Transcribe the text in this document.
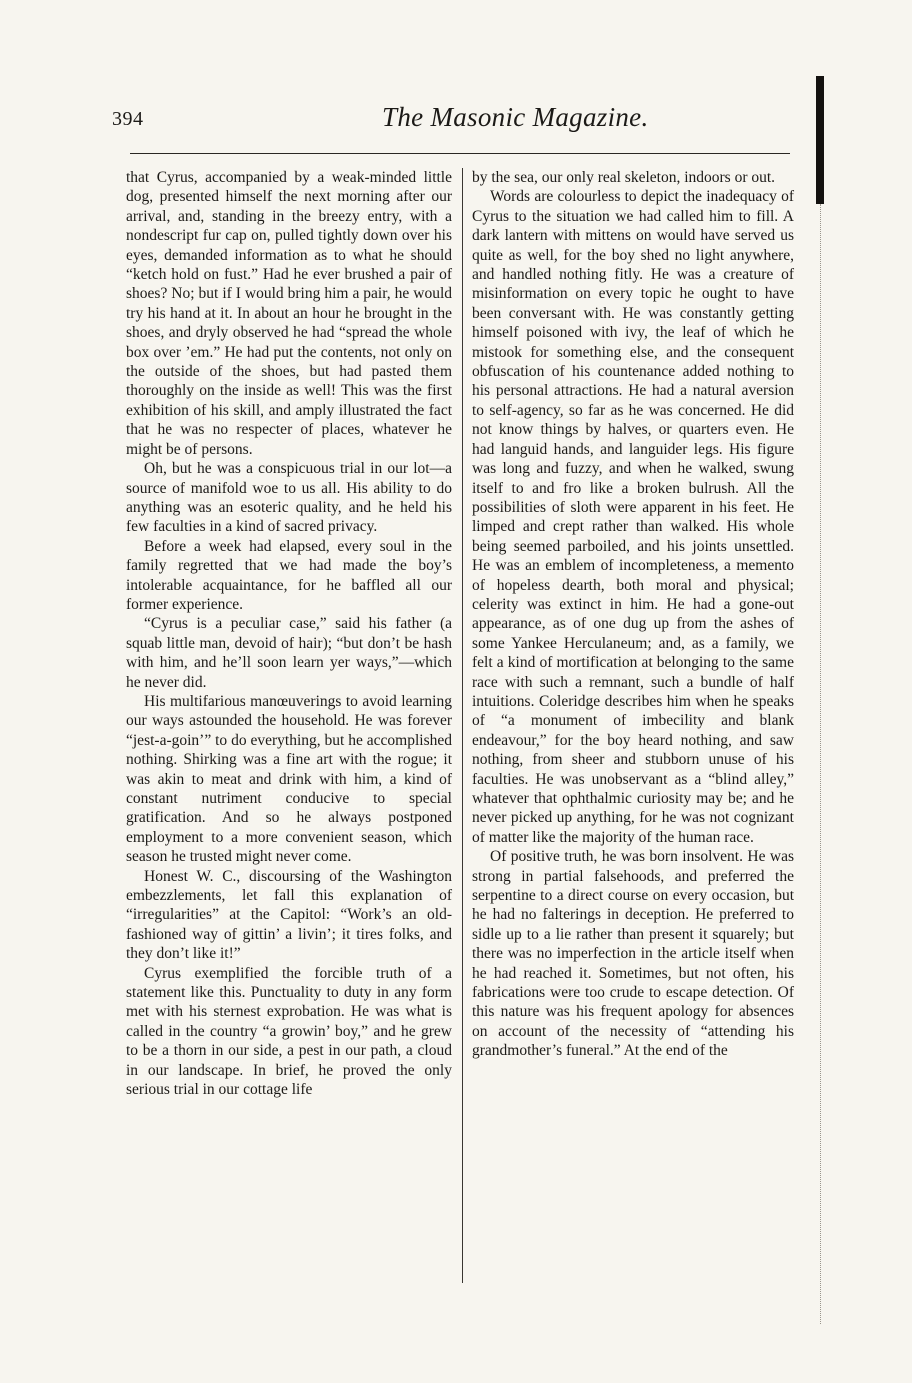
394	The Masonic Magazine.

that Cyrus, accompanied by a weak-minded little dog, presented himself the next morning after our arrival, and, standing in the breezy entry, with a nondescript fur cap on, pulled tightly down over his eyes, demanded information as to what he should “ketch hold on fust.” Had he ever brushed a pair of shoes? No; but if I would bring him a pair, he would try his hand at it. In about an hour he brought in the shoes, and dryly observed he had “spread the whole box over ’em.” He had put the contents, not only on the outside of the shoes, but had pasted them thoroughly on the inside as well! This was the first exhibition of his skill, and amply illustrated the fact that he was no respecter of places, whatever he might be of persons.

Oh, but he was a conspicuous trial in our lot—a source of manifold woe to us all. His ability to do anything was an esoteric quality, and he held his few faculties in a kind of sacred privacy.

Before a week had elapsed, every soul in the family regretted that we had made the boy’s intolerable acquaintance, for he baffled all our former experience.

“Cyrus is a peculiar case,” said his father (a squab little man, devoid of hair); “but don’t be hash with him, and he’ll soon learn yer ways,”—which he never did.

His multifarious manœuverings to avoid learning our ways astounded the household. He was forever “jest-a-goin’” to do everything, but he accomplished nothing. Shirking was a fine art with the rogue; it was akin to meat and drink with him, a kind of constant nutriment conducive to special gratification. And so he always postponed employment to a more convenient season, which season he trusted might never come.

Honest W. C., discoursing of the Washington embezzlements, let fall this explanation of “irregularities” at the Capitol: “Work’s an old-fashioned way of gittin’ a livin’; it tires folks, and they don’t like it!”

Cyrus exemplified the forcible truth of a statement like this. Punctuality to duty in any form met with his sternest exprobation. He was what is called in the country “a growin’ boy,” and he grew to be a thorn in our side, a pest in our path, a cloud in our landscape. In brief, he proved the only serious trial in our cottage life

by the sea, our only real skeleton, indoors or out.

Words are colourless to depict the inadequacy of Cyrus to the situation we had called him to fill. A dark lantern with mittens on would have served us quite as well, for the boy shed no light anywhere, and handled nothing fitly. He was a creature of misinformation on every topic he ought to have been conversant with. He was constantly getting himself poisoned with ivy, the leaf of which he mistook for something else, and the consequent obfuscation of his countenance added nothing to his personal attractions. He had a natural aversion to self-agency, so far as he was concerned. He did not know things by halves, or quarters even. He had languid hands, and languider legs. His figure was long and fuzzy, and when he walked, swung itself to and fro like a broken bulrush. All the possibilities of sloth were apparent in his feet. He limped and crept rather than walked. His whole being seemed parboiled, and his joints unsettled. He was an emblem of incompleteness, a memento of hopeless dearth, both moral and physical; celerity was extinct in him. He had a gone-out appearance, as of one dug up from the ashes of some Yankee Herculaneum; and, as a family, we felt a kind of mortification at belonging to the same race with such a remnant, such a bundle of half intuitions. Coleridge describes him when he speaks of “a monument of imbecility and blank endeavour,” for the boy heard nothing, and saw nothing, from sheer and stubborn unuse of his faculties. He was unobservant as a “blind alley,” whatever that ophthalmic curiosity may be; and he never picked up anything, for he was not cognizant of matter like the majority of the human race.

Of positive truth, he was born insolvent. He was strong in partial falsehoods, and preferred the serpentine to a direct course on every occasion, but he had no falterings in deception. He preferred to sidle up to a lie rather than present it squarely; but there was no imperfection in the article itself when he had reached it. Sometimes, but not often, his fabrications were too crude to escape detection. Of this nature was his frequent apology for absences on account of the necessity of “attending his grandmother’s funeral.” At the end of the
